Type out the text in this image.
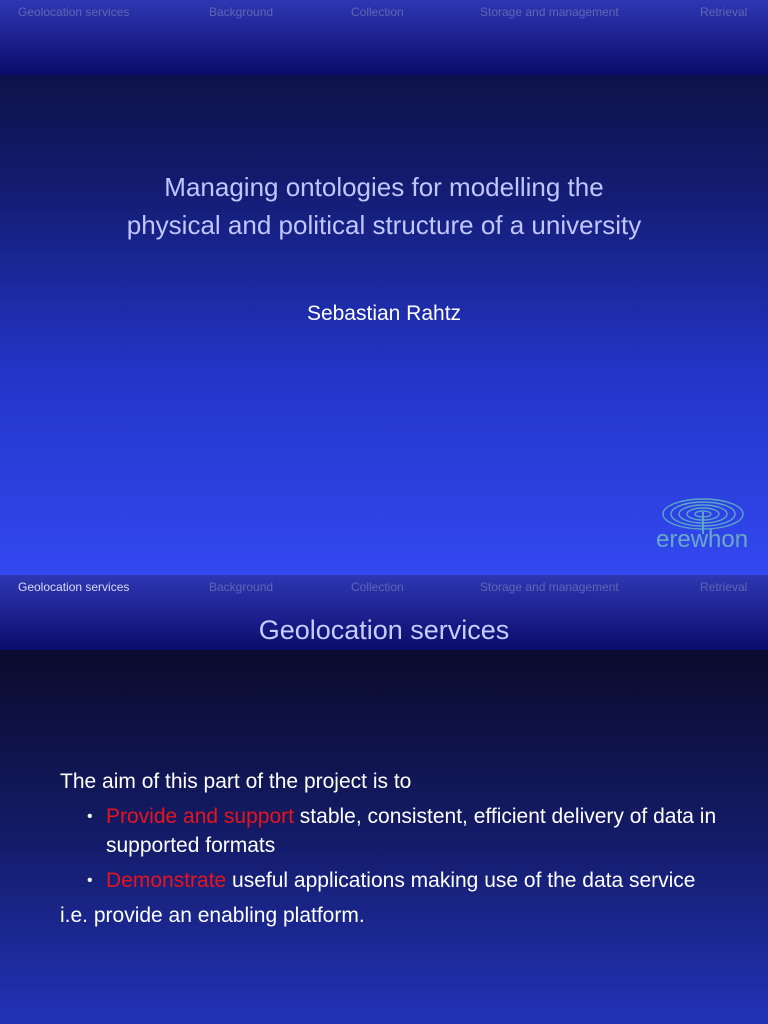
Geolocation services	Background	Collection	Storage and management	Retrieval
Managing ontologies for modelling the
physical and political structure of a university
Sebastian Rahtz
erewhon
Geolocation services	Background	Collection	Storage and management	Retrieval
Geolocation services
The aim of this part of the project is to
• Provide and support stable, consistent, efficient delivery of data in supported formats
• Demonstrate useful applications making use of the data service
i.e. provide an enabling platform.
